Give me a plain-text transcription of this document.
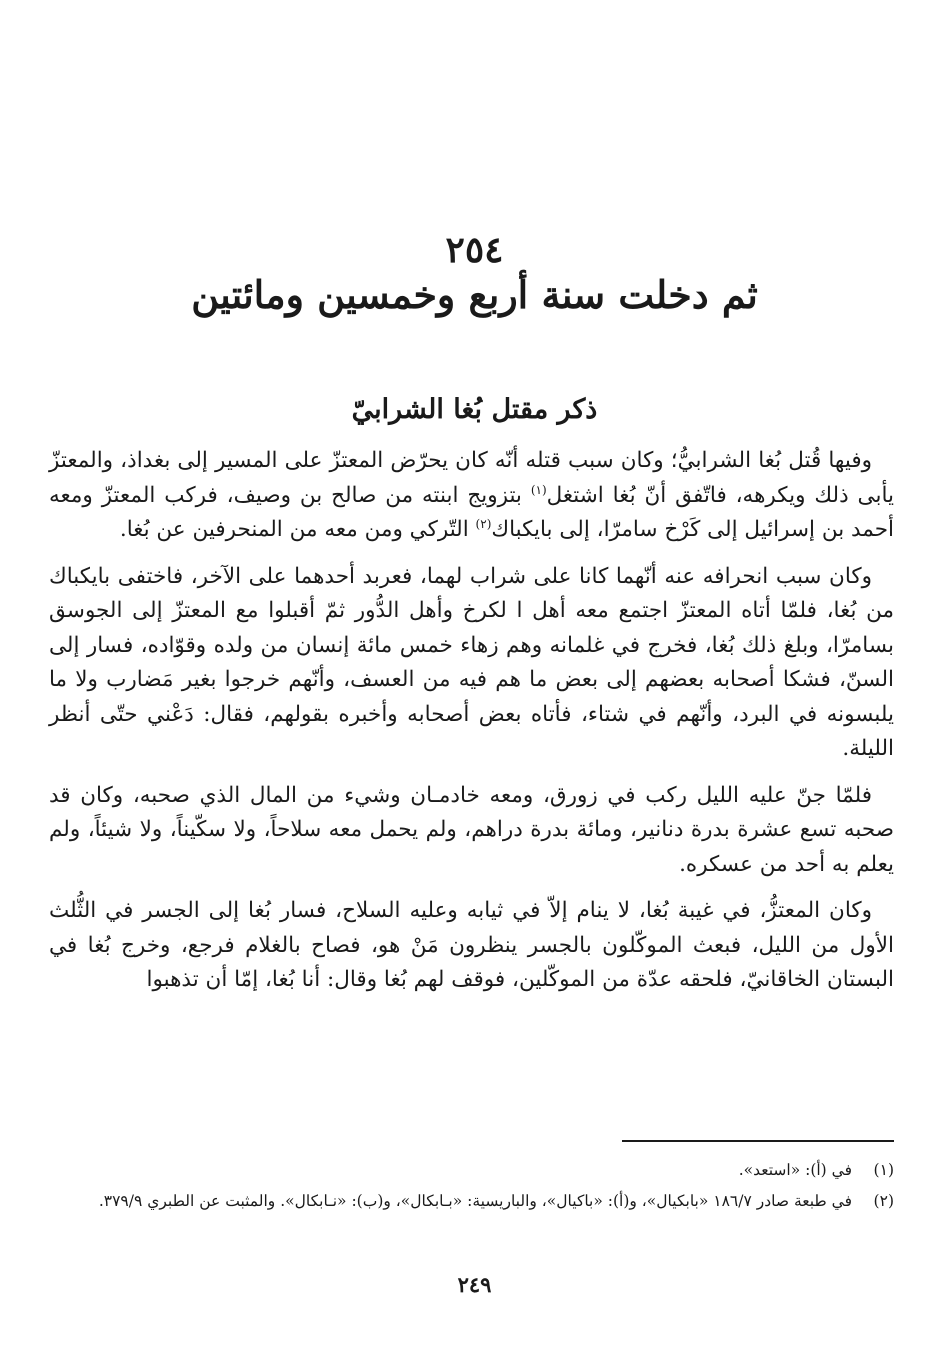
٢٥٤
ثم دخلت سنة أربع وخمسين ومائتين
ذكر مقتل بُغا الشرابيّ

وفيها قُتل بُغا الشرابيُّ؛ وكان سبب قتله أنّه كان يحرّض المعتزّ على المسير إلى بغداذ، والمعتزّ يأبى ذلك ويكرهه، فاتّفق أنّ بُغا اشتغل$^{(١)}$ بتزويج ابنته من صالح بن وصيف، فركب المعتزّ ومعه أحمد بن إسرائيل إلى كَرْخ سامرّا، إلى بايكباك$^{(٢)}$ التّركي ومن معه من المنحرفين عن بُغا.

وكان سبب انحرافه عنه أنّهما كانا على شراب لهما، فعربد أحدهما على الآخر، فاختفى بايكباك من بُغا، فلمّا أتاه المعتزّ اجتمع معه أهل ا لكرخ وأهل الدُّور ثمّ أقبلوا مع المعتزّ إلى الجوسق بسامرّا، وبلغ ذلك بُغا، فخرج في غلمانه وهم زهاء خمس مائة إنسان من ولده وقوّاده، فسار إلى السنّ، فشكا أصحابه بعضهم إلى بعض ما هم فيه من العسف، وأنّهم خرجوا بغير مَضارب ولا ما يلبسونه في البرد، وأنّهم في شتاء، فأتاه بعض أصحابه وأخبره بقولهم، فقال: دَعْني حتّى أنظر الليلة.

فلمّا جنّ عليه الليل ركب في زورق، ومعه خادمـان وشيء من المال الذي صحبه، وكان قد صحبه تسع عشرة بدرة دنانير، ومائة بدرة دراهم، ولم يحمل معه سلاحاً، ولا سكّيناً، ولا شيئاً، ولم يعلم به أحد من عسكره.

وكان المعتزُّ، في غيبة بُغا، لا ينام إلاّ في ثيابه وعليه السلاح، فسار بُغا إلى الجسر في الثُّلث الأول من الليل، فبعث الموكّلون بالجسر ينظرون مَنْ هو، فصاح بالغلام فرجع، وخرج بُغا في البستان الخاقانيّ، فلحقه عدّة من الموكّلين، فوقف لهم بُغا وقال: أنا بُغا، إمّا أن تذهبوا

(١)
في (أ): «استعد».
(٢)
في طبعة صادر ١٨٦/٧ «بابكيال»، و(أ): «باكيال»، والباريسية: «بـابكال»، و(ب): «نـابكال». والمثبت عن الطبري ٣٧٩/٩.
٢٤٩
